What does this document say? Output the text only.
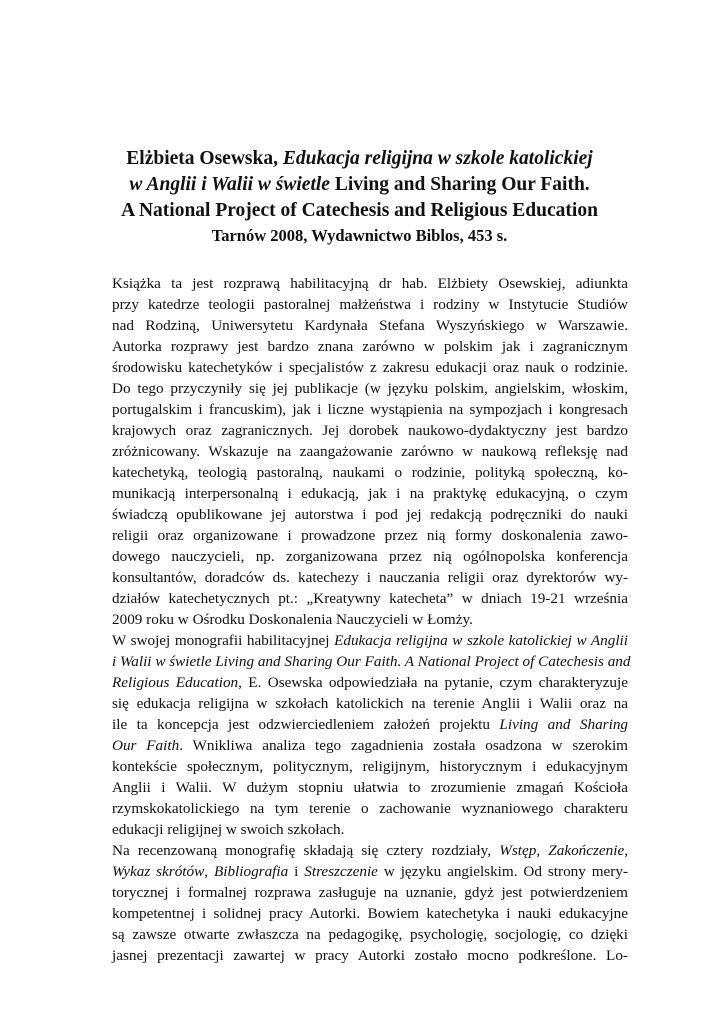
Elżbieta Osewska, Edukacja religijna w szkole katolickiej
w Anglii i Walii w świetle Living and Sharing Our Faith.
A National Project of Catechesis and Religious Education
Tarnów 2008, Wydawnictwo Biblos, 453 s.

Książka ta jest rozprawą habilitacyjną dr hab. Elżbiety Osewskiej, adiunkta
przy katedrze teologii pastoralnej małżeństwa i rodziny w Instytucie Studiów
nad Rodziną, Uniwersytetu Kardynała Stefana Wyszyńskiego w Warszawie.
Autorka rozprawy jest bardzo znana zarówno w polskim jak i zagranicznym
środowisku katechetyków i specjalistów z zakresu edukacji oraz nauk o rodzinie.
Do tego przyczyniły się jej publikacje (w języku polskim, angielskim, włoskim,
portugalskim i francuskim), jak i liczne wystąpienia na sympozjach i kongresach
krajowych oraz zagranicznych. Jej dorobek naukowo-dydaktyczny jest bardzo
zróżnicowany. Wskazuje na zaangażowanie zarówno w naukową refleksję nad
katechetyką, teologią pastoralną, naukami o rodzinie, polityką społeczną, ko-
munikacją interpersonalną i edukacją, jak i na praktykę edukacyjną, o czym
świadczą opublikowane jej autorstwa i pod jej redakcją podręczniki do nauki
religii oraz organizowane i prowadzone przez nią formy doskonalenia zawo-
dowego nauczycieli, np. zorganizowana przez nią ogólnopolska konferencja
konsultantów, doradców ds. katechezy i nauczania religii oraz dyrektorów wy-
działów katechetycznych pt.: „Kreatywny katecheta” w dniach 19-21 września
2009 roku w Ośrodku Doskonalenia Nauczycieli w Łomży.

W swojej monografii habilitacyjnej Edukacja religijna w szkole katolickiej w Anglii
i Walii w świetle Living and Sharing Our Faith. A National Project of Catechesis and
Religious Education, E. Osewska odpowiedziała na pytanie, czym charakteryzuje
się edukacja religijna w szkołach katolickich na terenie Anglii i Walii oraz na
ile ta koncepcja jest odzwierciedleniem założeń projektu Living and Sharing
Our Faith. Wnikliwa analiza tego zagadnienia została osadzona w szerokim
kontekście społecznym, politycznym, religijnym, historycznym i edukacyjnym
Anglii i Walii. W dużym stopniu ułatwia to zrozumienie zmagań Kościoła
rzymskokatolickiego na tym terenie o zachowanie wyznaniowego charakteru
edukacji religijnej w swoich szkołach.

Na recenzowaną monografię składają się cztery rozdziały, Wstęp, Zakończenie,
Wykaz skrótów, Bibliografia i Streszczenie w języku angielskim. Od strony mery-
torycznej i formalnej rozprawa zasługuje na uznanie, gdyż jest potwierdzeniem
kompetentnej i solidnej pracy Autorki. Bowiem katechetyka i nauki edukacyjne
są zawsze otwarte zwłaszcza na pedagogikę, psychologię, socjologię, co dzięki
jasnej prezentacji zawartej w pracy Autorki zostało mocno podkreślone. Lo-
